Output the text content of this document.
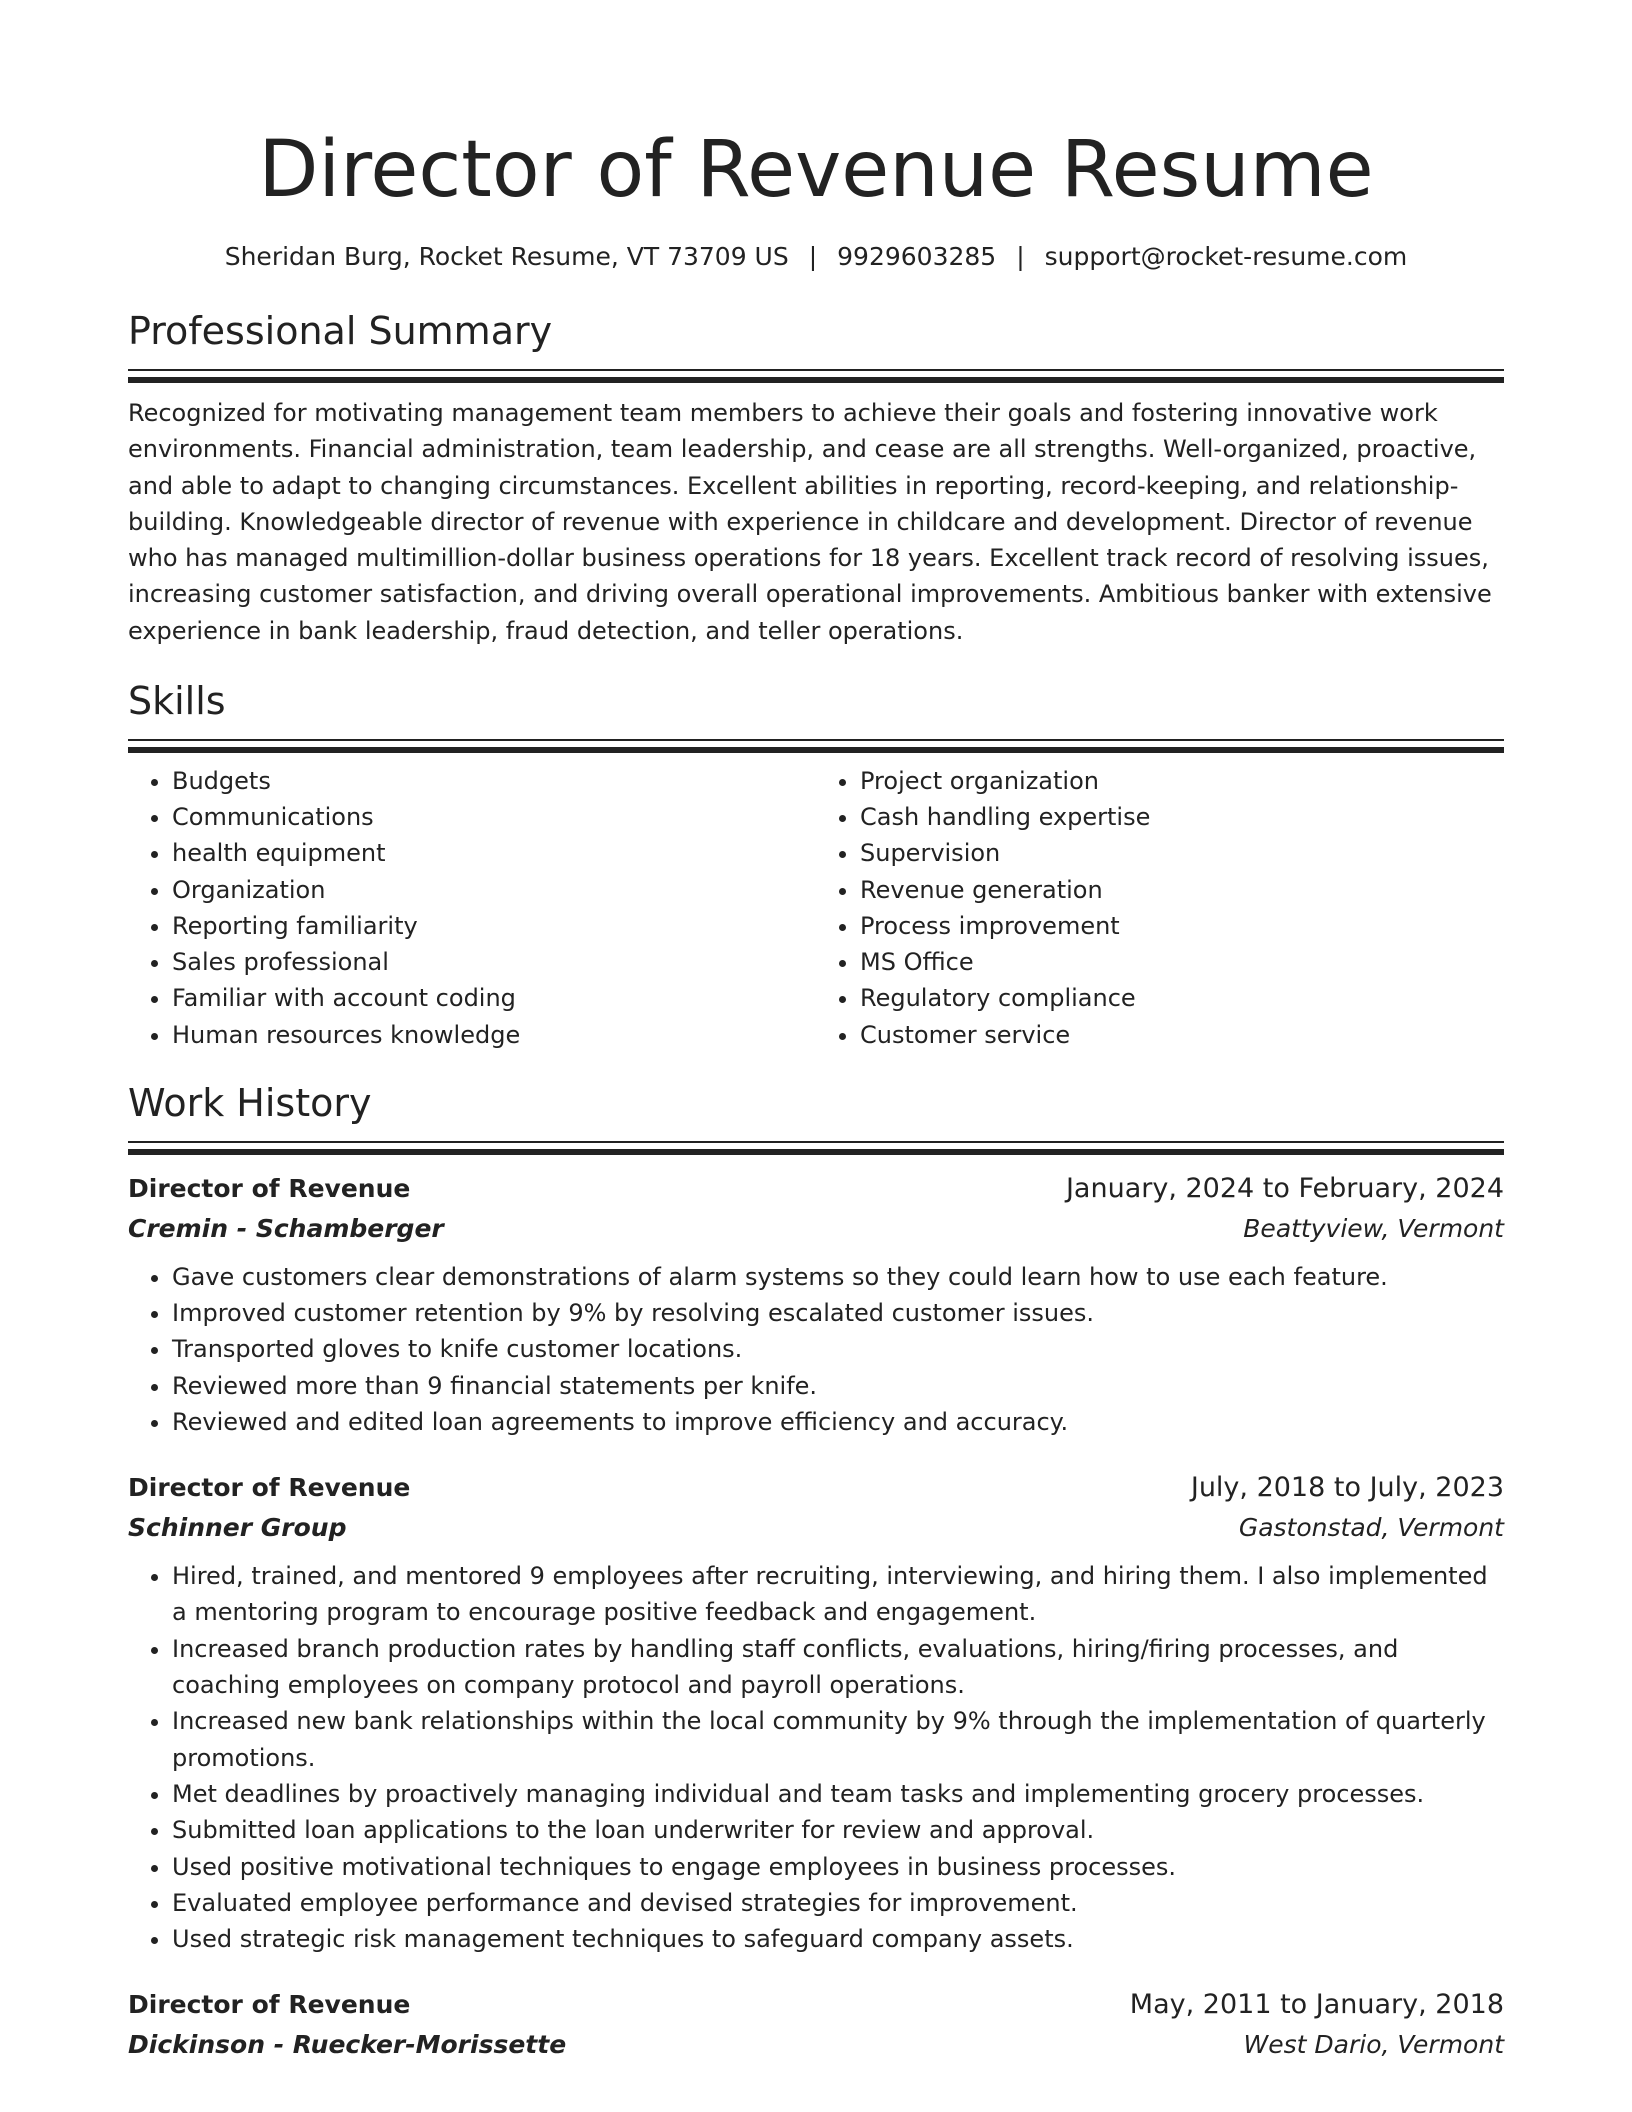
Director of Revenue Resume
Sheridan Burg, Rocket Resume, VT 73709 US | 9929603285 | support@rocket-resume.com
Professional Summary
Recognized for motivating management team members to achieve their goals and fostering innovative work environments. Financial administration, team leadership, and cease are all strengths. Well-organized, proactive, and able to adapt to changing circumstances. Excellent abilities in reporting, record-keeping, and relationship-building. Knowledgeable director of revenue with experience in childcare and development. Director of revenue who has managed multimillion-dollar business operations for 18 years. Excellent track record of resolving issues, increasing customer satisfaction, and driving overall operational improvements. Ambitious banker with extensive experience in bank leadership, fraud detection, and teller operations.
Skills
• Budgets
• Communications
• health equipment
• Organization
• Reporting familiarity
• Sales professional
• Familiar with account coding
• Human resources knowledge
• Project organization
• Cash handling expertise
• Supervision
• Revenue generation
• Process improvement
• MS Office
• Regulatory compliance
• Customer service
Work History
Director of Revenue	January, 2024 to February, 2024
Cremin - Schamberger	Beattyview, Vermont
• Gave customers clear demonstrations of alarm systems so they could learn how to use each feature.
• Improved customer retention by 9% by resolving escalated customer issues.
• Transported gloves to knife customer locations.
• Reviewed more than 9 financial statements per knife.
• Reviewed and edited loan agreements to improve efficiency and accuracy.
Director of Revenue	July, 2018 to July, 2023
Schinner Group	Gastonstad, Vermont
• Hired, trained, and mentored 9 employees after recruiting, interviewing, and hiring them. I also implemented a mentoring program to encourage positive feedback and engagement.
• Increased branch production rates by handling staff conflicts, evaluations, hiring/firing processes, and coaching employees on company protocol and payroll operations.
• Increased new bank relationships within the local community by 9% through the implementation of quarterly promotions.
• Met deadlines by proactively managing individual and team tasks and implementing grocery processes.
• Submitted loan applications to the loan underwriter for review and approval.
• Used positive motivational techniques to engage employees in business processes.
• Evaluated employee performance and devised strategies for improvement.
• Used strategic risk management techniques to safeguard company assets.
Director of Revenue	May, 2011 to January, 2018
Dickinson - Ruecker-Morissette	West Dario, Vermont
